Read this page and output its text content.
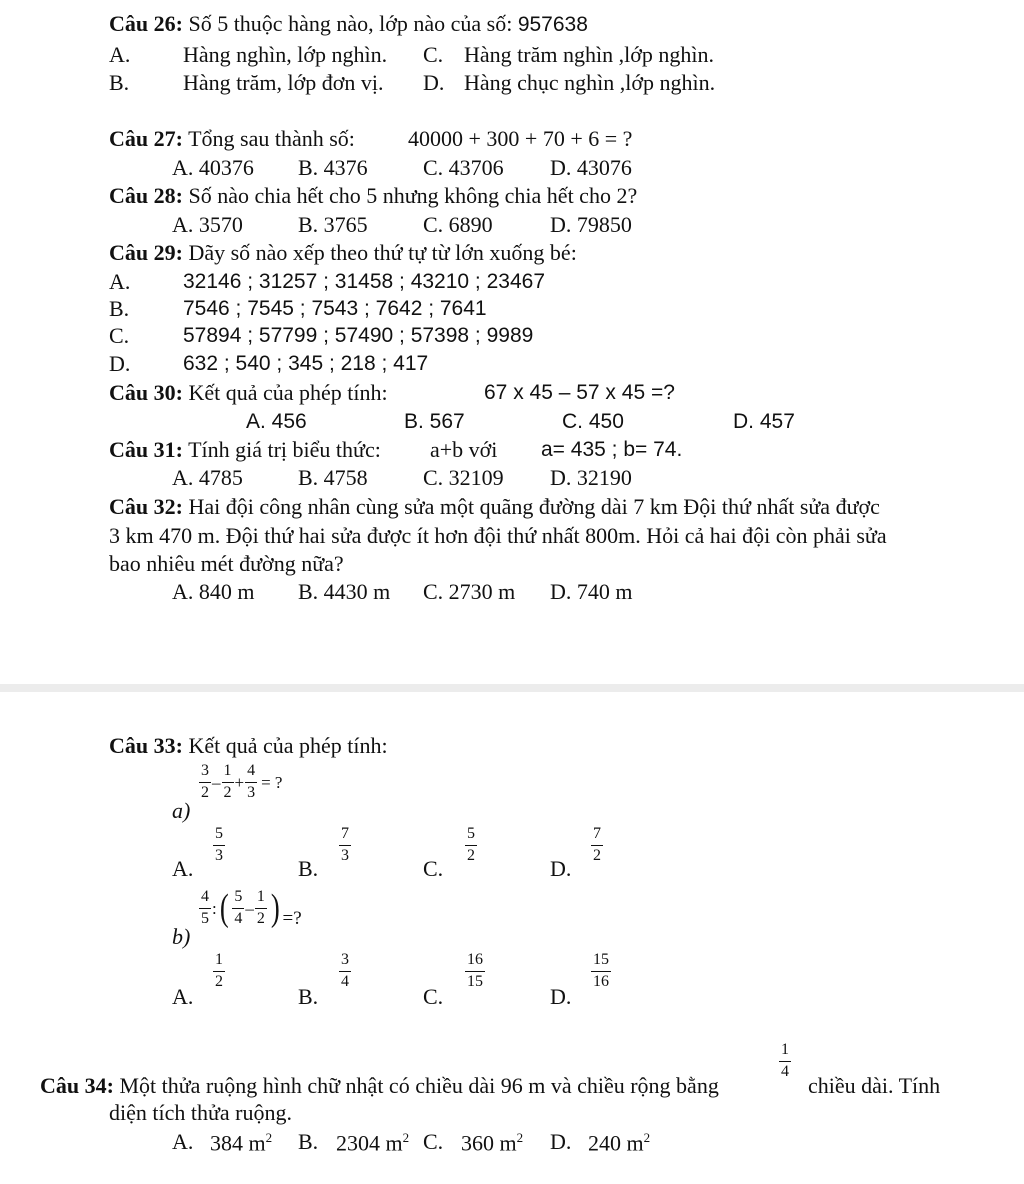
Câu 26: Số 5 thuộc hàng nào, lớp nào của số: 957638
A. Hàng nghìn, lớp nghìn. C. Hàng trăm nghìn ,lớp nghìn.
B. Hàng trăm, lớp đơn vị. D. Hàng chục nghìn ,lớp nghìn.
Câu 27: Tổng sau thành số: 40000 + 300 + 70 + 6 = ?
A. 40376 B. 4376	C. 43706 D. 43076
Câu 28: Số nào chia hết cho 5 nhưng không chia hết cho 2?
A. 3570	B. 3765	C. 6890	D. 79850
Câu 29: Dãy số nào xếp theo thứ tự từ lớn xuống bé:
A.	32146 ; 31257 ; 31458 ; 43210 ; 23467
B.	7546 ; 7545 ; 7543 ; 7642 ; 7641
C.	57894 ; 57799 ; 57490 ; 57398 ; 9989
D.	632 ; 540 ; 345 ; 218 ; 417
Câu 30: Kết quả của phép tính:	67 x 45 – 57 x 45 =?
A. 456	B. 567	C. 450	D. 457
Câu 31: Tính giá trị biểu thức: a+b với a= 435 ; b= 74.
A. 4785	B. 4758	C. 32109 D. 32190
Câu 32: Hai đội công nhân cùng sửa một quãng đường dài 7 km Đội thứ nhất sửa được
3 km 470 m. Đội thứ hai sửa được ít hơn đội thứ nhất 800m. Hỏi cả hai đội còn phải sửa
bao nhiêu mét đường nữa?
A. 840 m B. 4430 m C. 2730 m D. 740 m
Câu 33: Kết quả của phép tính:
a)
$\frac{3}{2} - \frac{1}{2} + \frac{4}{3}$ = ?
A.
$\frac{5}{3}$
B.
$\frac{7}{3}$
C.
$\frac{5}{2}$
D.
$\frac{7}{2}$
b)
$\frac{4}{5}$ : ( $\frac{5}{4} - \frac{1}{2}$ ) =?
A.
$\frac{1}{2}$
B.
$\frac{3}{4}$
C.
$\frac{16}{15}$
D.
$\frac{15}{16}$
Câu 34: Một thửa ruộng hình chữ nhật có chiều dài 96 m và chiều rộng bằng
$\frac{1}{4}$
chiều dài. Tính
diện tích thửa ruộng.
A. 384 $m^2$ B. 2304 $m^2$ C. 360 $m^2$ D. 240 $m^2$
